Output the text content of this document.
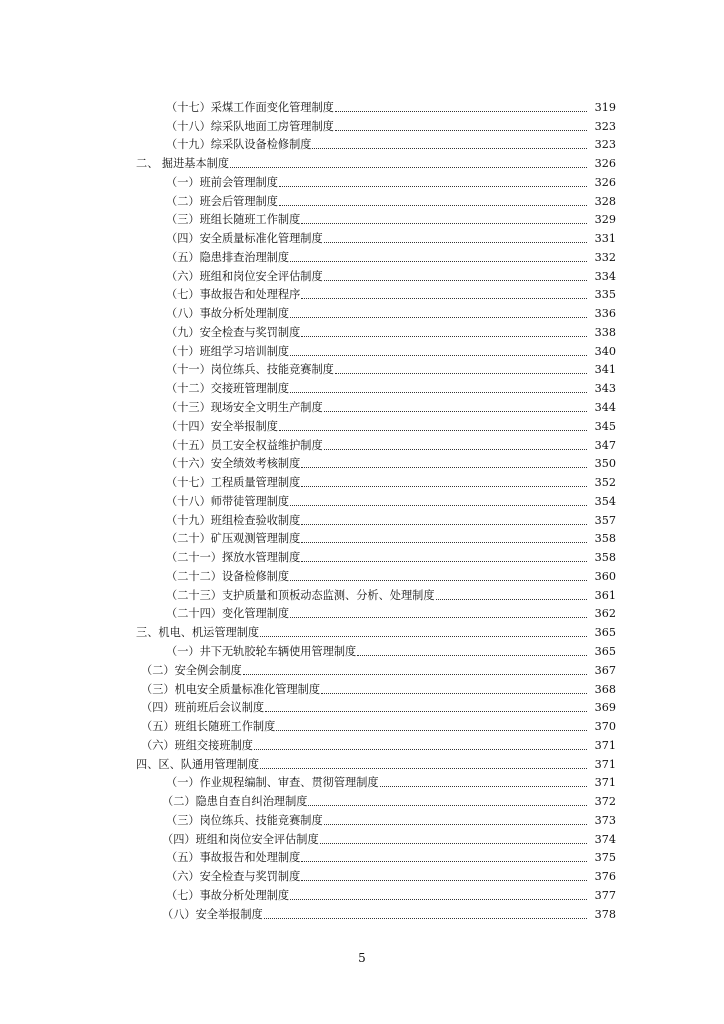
（十七）采煤工作面变化管理制度	319
（十八）综采队地面工房管理制度	323
（十九）综采队设备检修制度	323
二、 掘进基本制度	326
（一）班前会管理制度	326
（二）班会后管理制度	328
（三）班组长随班工作制度	329
（四）安全质量标准化管理制度	331
（五）隐患排查治理制度	332
（六）班组和岗位安全评估制度	334
（七）事故报告和处理程序	335
（八）事故分析处理制度	336
（九）安全检查与奖罚制度	338
（十）班组学习培训制度	340
（十一）岗位练兵、技能竞赛制度	341
（十二）交接班管理制度	343
（十三）现场安全文明生产制度	344
（十四）安全举报制度	345
（十五）员工安全权益维护制度	347
（十六）安全绩效考核制度	350
（十七）工程质量管理制度	352
（十八）师带徒管理制度	354
（十九）班组检查验收制度	357
（二十）矿压观测管理制度	358
（二十一）探放水管理制度	358
（二十二）设备检修制度	360
（二十三）支护质量和顶板动态监测、分析、处理制度	361
（二十四）变化管理制度	362
三、机电、机运管理制度	365
（一）井下无轨胶轮车辆使用管理制度	365
（二）安全例会制度	367
（三）机电安全质量标准化管理制度	368
（四）班前班后会议制度	369
（五）班组长随班工作制度	370
（六）班组交接班制度	371
四、区、队通用管理制度	371
（一）作业规程编制、审查、贯彻管理制度	371
（二）隐患自查自纠治理制度	372
（三）岗位练兵、技能竞赛制度	373
（四）班组和岗位安全评估制度	374
（五）事故报告和处理制度	375
（六）安全检查与奖罚制度	376
（七）事故分析处理制度	377
（八）安全举报制度	378
5
